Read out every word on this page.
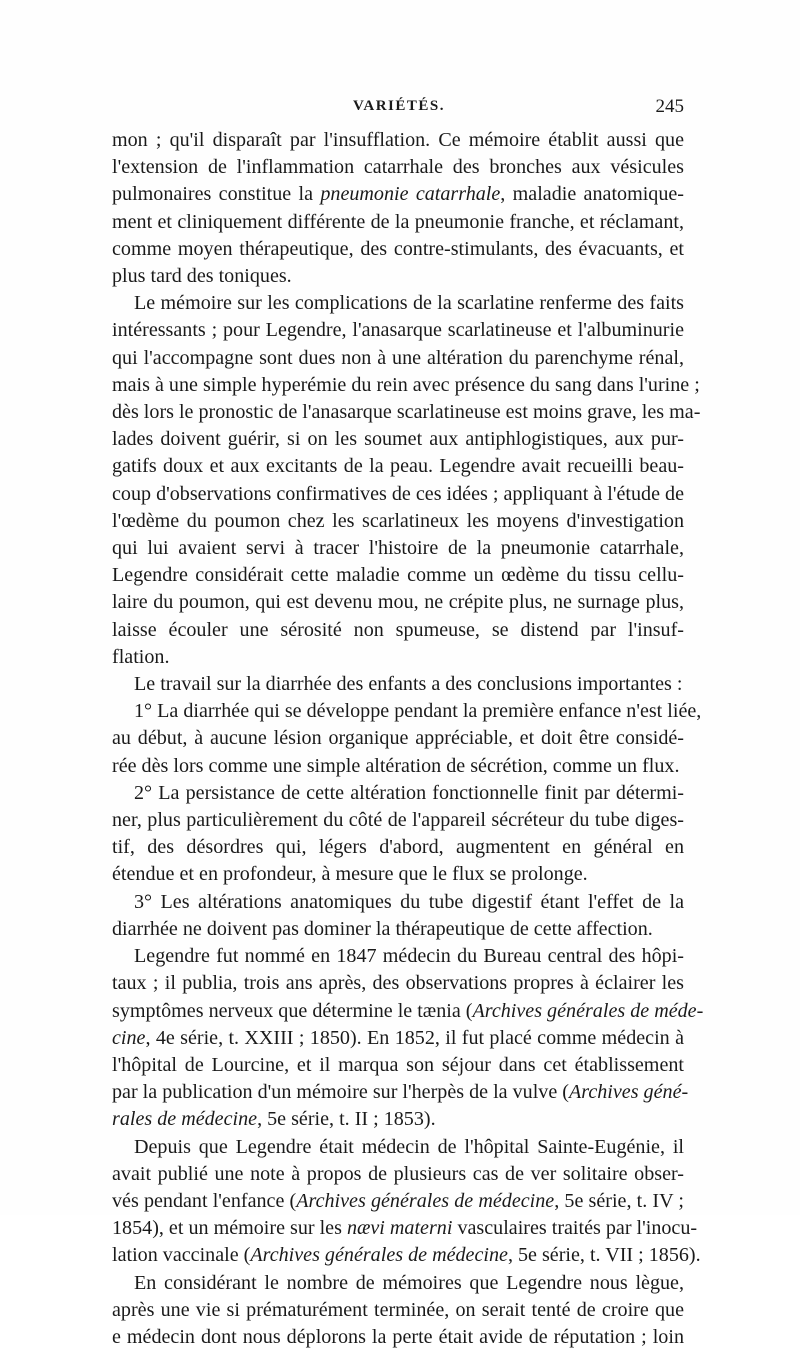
VARIÉTÉS.	245
mon ; qu'il disparaît par l'insufflation. Ce mémoire établit aussi que
l'extension de l'inflammation catarrhale des bronches aux vésicules
pulmonaires constitue la pneumonie catarrhale, maladie anatomique-
ment et cliniquement différente de la pneumonie franche, et réclamant,
comme moyen thérapeutique, des contre-stimulants, des évacuants, et
plus tard des toniques.
Le mémoire sur les complications de la scarlatine renferme des faits
intéressants ; pour Legendre, l'anasarque scarlatineuse et l'albuminurie
qui l'accompagne sont dues non à une altération du parenchyme rénal,
mais à une simple hyperémie du rein avec présence du sang dans l'urine ;
dès lors le pronostic de l'anasarque scarlatineuse est moins grave, les ma-
lades doivent guérir, si on les soumet aux antiphlogistiques, aux pur-
gatifs doux et aux excitants de la peau. Legendre avait recueilli beau-
coup d'observations confirmatives de ces idées ; appliquant à l'étude de
l'œdème du poumon chez les scarlatineux les moyens d'investigation
qui lui avaient servi à tracer l'histoire de la pneumonie catarrhale,
Legendre considérait cette maladie comme un œdème du tissu cellu-
laire du poumon, qui est devenu mou, ne crépite plus, ne surnage plus,
laisse écouler une sérosité non spumeuse, se distend par l'insuf-
flation.
Le travail sur la diarrhée des enfants a des conclusions importantes :
1° La diarrhée qui se développe pendant la première enfance n'est liée,
au début, à aucune lésion organique appréciable, et doit être considé-
rée dès lors comme une simple altération de sécrétion, comme un flux.
2° La persistance de cette altération fonctionnelle finit par détermi-
ner, plus particulièrement du côté de l'appareil sécréteur du tube diges-
tif, des désordres qui, légers d'abord, augmentent en général en
étendue et en profondeur, à mesure que le flux se prolonge.
3° Les altérations anatomiques du tube digestif étant l'effet de la
diarrhée ne doivent pas dominer la thérapeutique de cette affection.
Legendre fut nommé en 1847 médecin du Bureau central des hôpi-
taux ; il publia, trois ans après, des observations propres à éclairer les
symptômes nerveux que détermine le tænia (Archives générales de méde-
cine, 4e série, t. XXIII ; 1850). En 1852, il fut placé comme médecin à
l'hôpital de Lourcine, et il marqua son séjour dans cet établissement
par la publication d'un mémoire sur l'herpès de la vulve (Archives géné-
rales de médecine, 5e série, t. II ; 1853).
Depuis que Legendre était médecin de l'hôpital Sainte-Eugénie, il
avait publié une note à propos de plusieurs cas de ver solitaire obser-
vés pendant l'enfance (Archives générales de médecine, 5e série, t. IV ;
1854), et un mémoire sur les nævi materni vasculaires traités par l'inocu-
lation vaccinale (Archives générales de médecine, 5e série, t. VII ; 1856).
En considérant le nombre de mémoires que Legendre nous lègue,
après une vie si prématurément terminée, on serait tenté de croire que
e médecin dont nous déplorons la perte était avide de réputation ; loin
